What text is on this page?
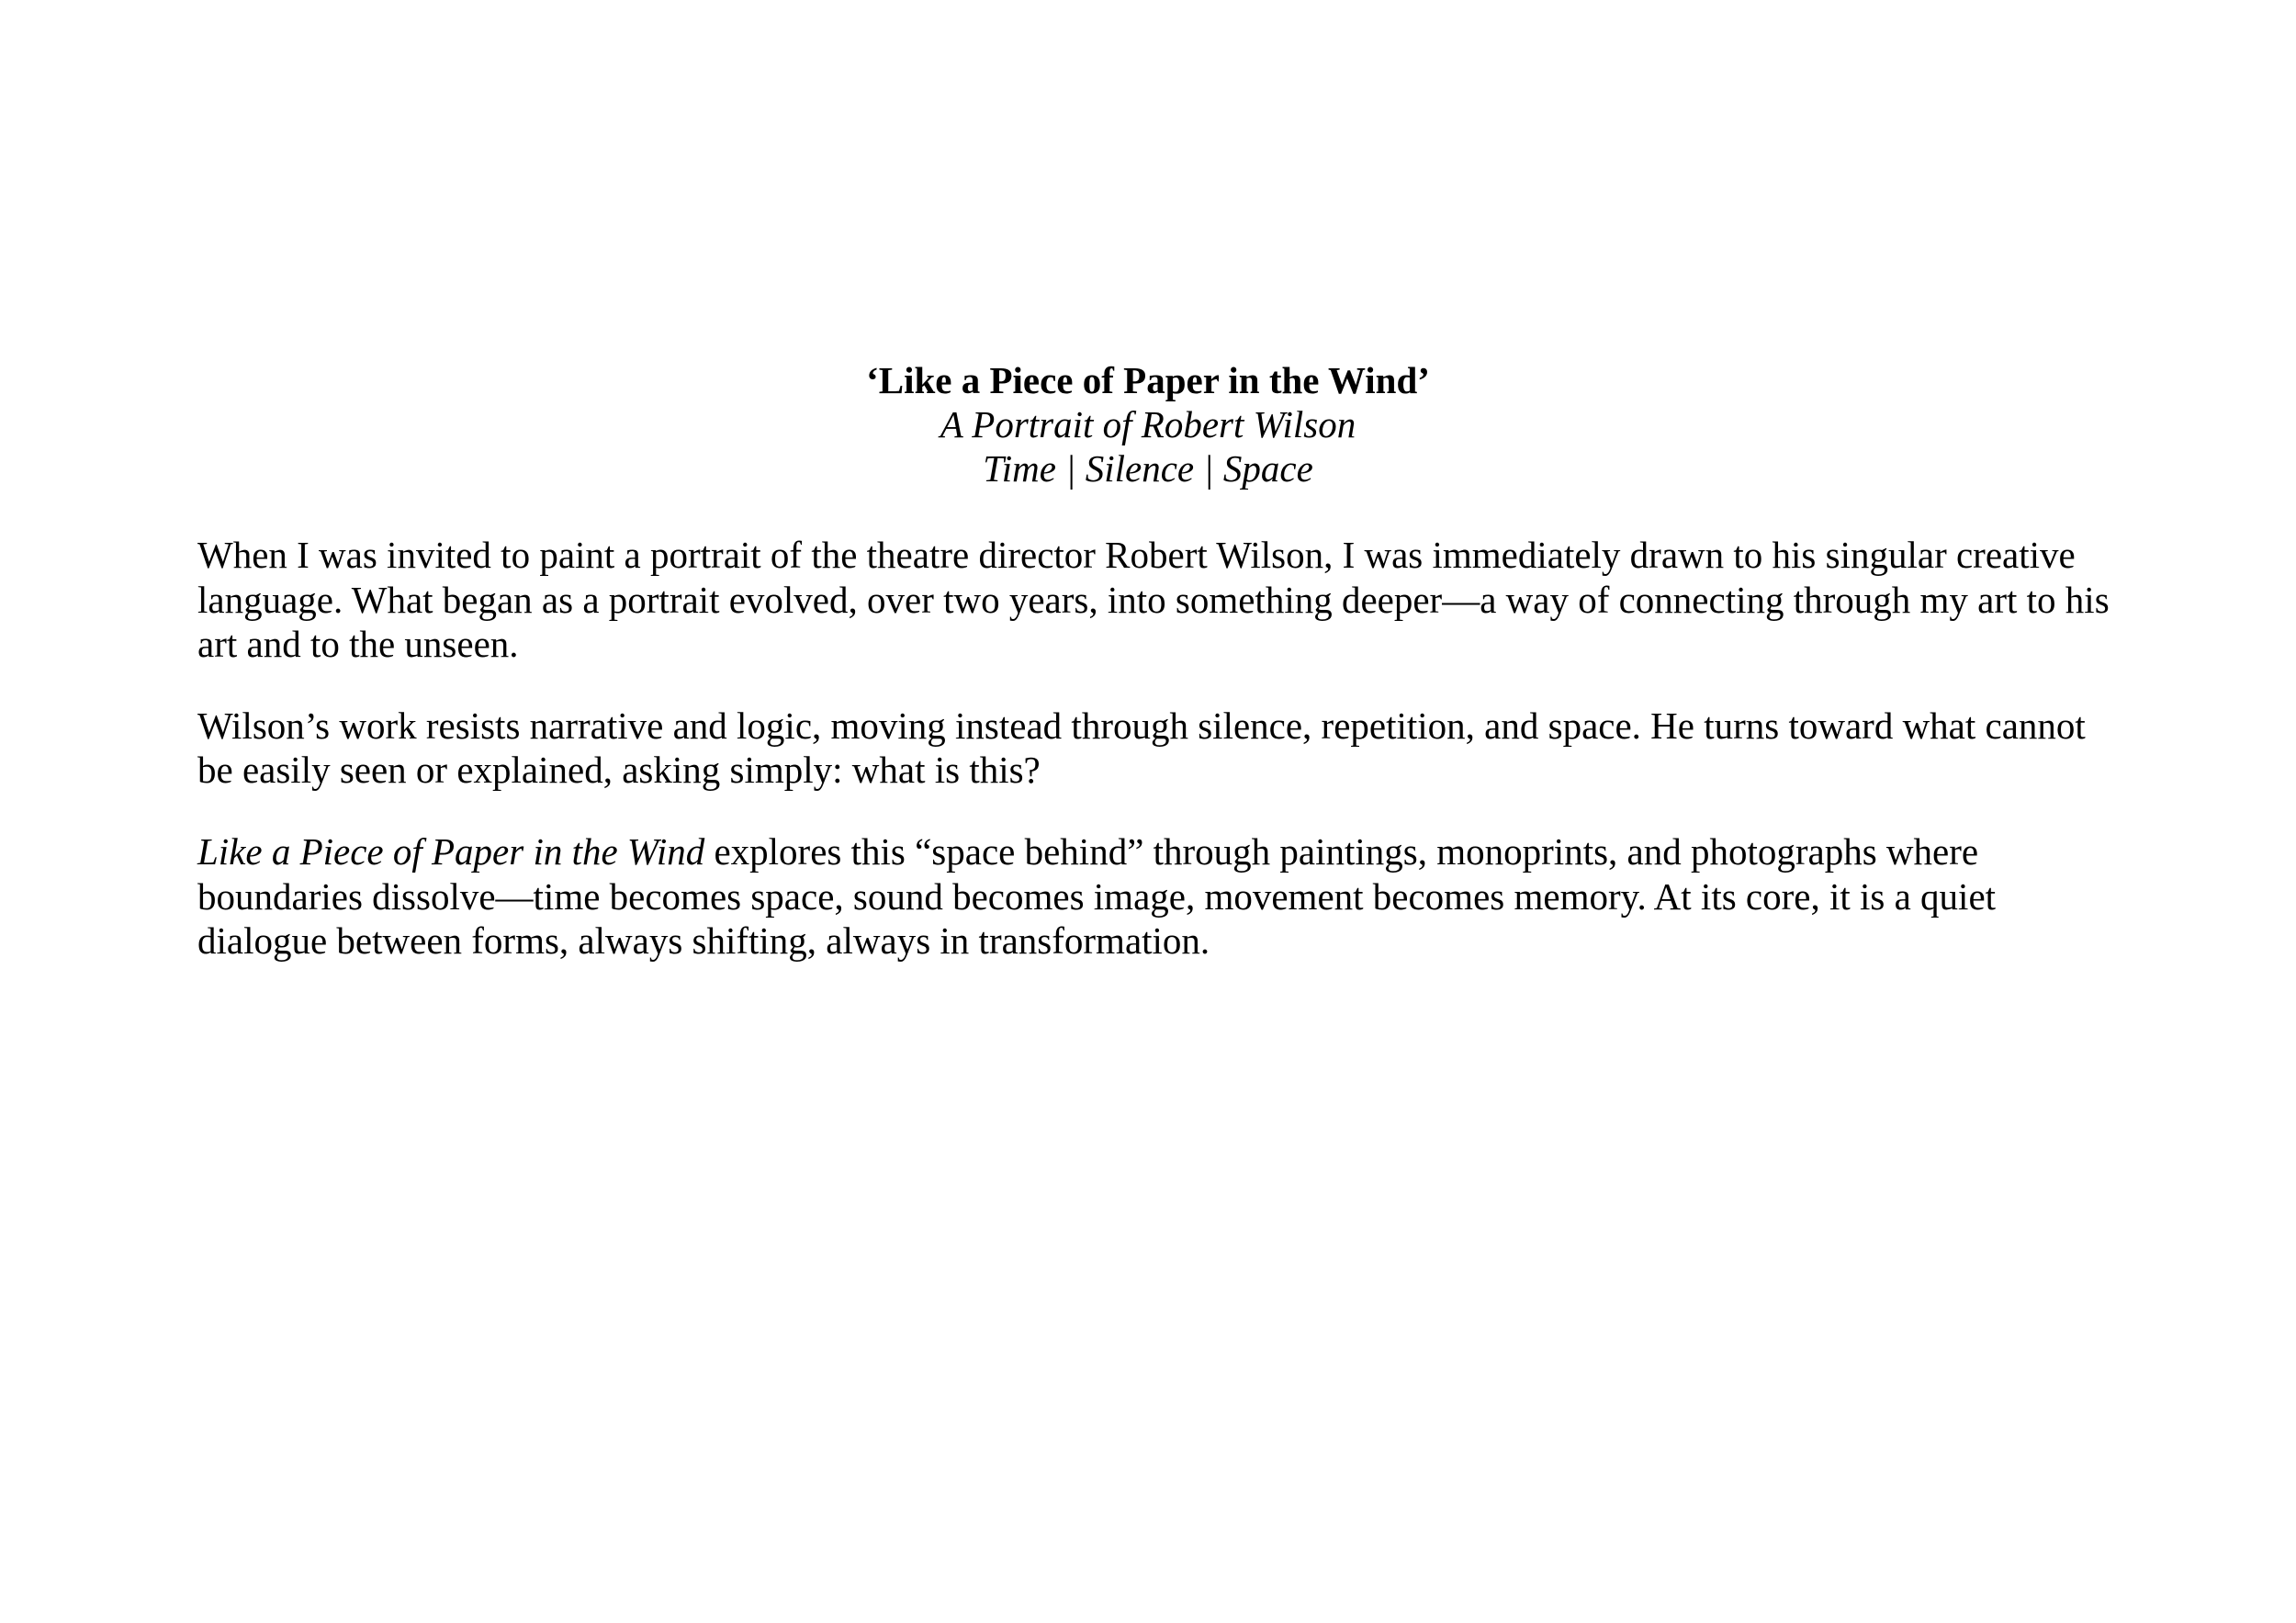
‘Like a Piece of Paper in the Wind’
A Portrait of Robert Wilson
Time | Silence | Space

When I was invited to paint a portrait of the theatre director Robert Wilson, I was immediately drawn to his singular creative language. What began as a portrait evolved, over two years, into something deeper—a way of connecting through my art to his art and to the unseen.

Wilson’s work resists narrative and logic, moving instead through silence, repetition, and space. He turns toward what cannot be easily seen or explained, asking simply: what is this?

Like a Piece of Paper in the Wind explores this “space behind” through paintings, monoprints, and photographs where boundaries dissolve—time becomes space, sound becomes image, movement becomes memory. At its core, it is a quiet dialogue between forms, always shifting, always in transformation.
